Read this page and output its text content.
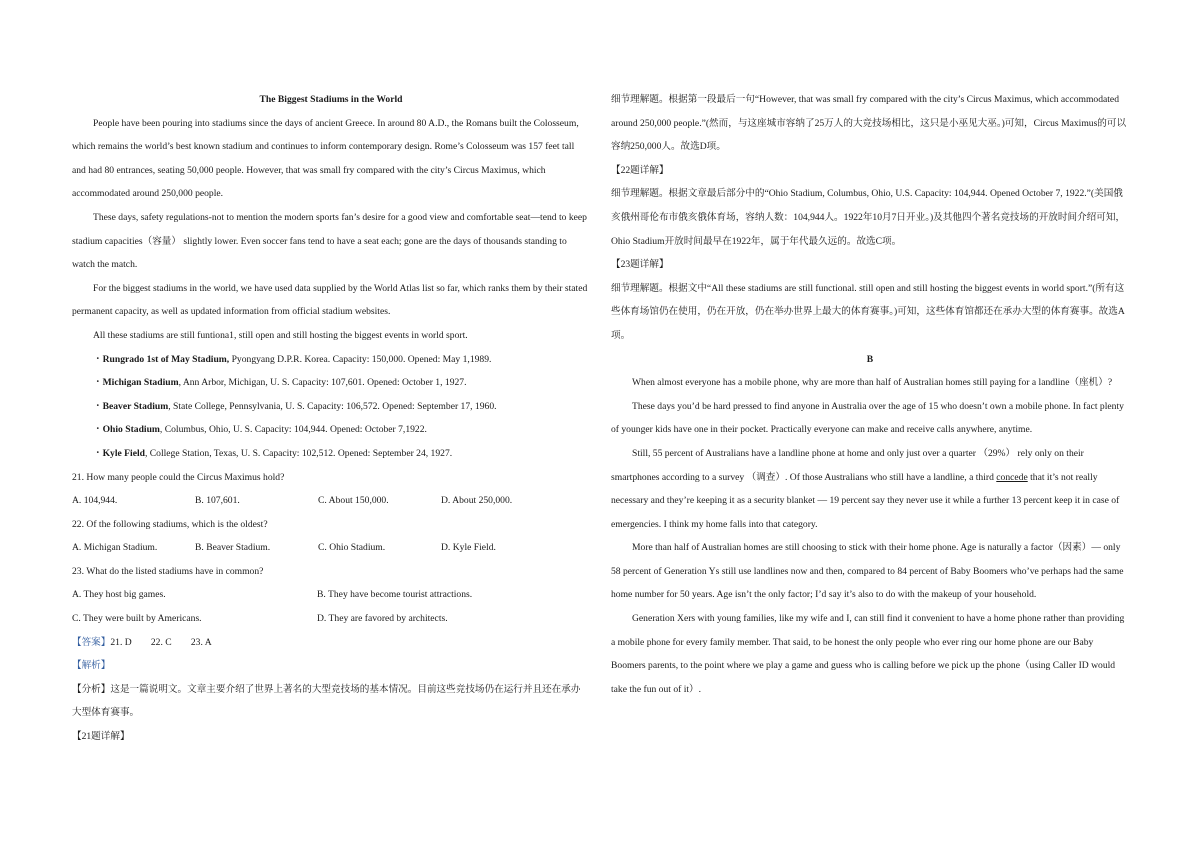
The Biggest Stadiums in the World

People have been pouring into stadiums since the days of ancient Greece. In around 80 A.D., the Romans built the Colosseum, which remains the world’s best known stadium and continues to inform contemporary design. Rome’s Colosseum was 157 feet tall and had 80 entrances, seating 50,000 people. However, that was small fry compared with the city’s Circus Maximus, which accommodated around 250,000 people.

These days, safety regulations-not to mention the modern sports fan’s desire for a good view and comfortable seat—tend to keep stadium capacities（容量） slightly lower. Even soccer fans tend to have a seat each; gone are the days of thousands standing to watch the match.

For the biggest stadiums in the world, we have used data supplied by the World Atlas list so far, which ranks them by their stated permanent capacity, as well as updated information from official stadium websites.

All these stadiums are still funtiona1, still open and still hosting the biggest events in world sport.

・Rungrado 1st of May Stadium, Pyongyang D.P.R. Korea. Capacity: 150,000. Opened: May 1,1989.

・Michigan Stadium, Ann Arbor, Michigan, U. S. Capacity: 107,601. Opened: October 1, 1927.

・Beaver Stadium, State College, Pennsylvania, U. S. Capacity: 106,572. Opened: September 17, 1960.

・Ohio Stadium, Columbus, Ohio, U. S. Capacity: 104,944. Opened: October 7,1922.

・Kyle Field, College Station, Texas, U. S. Capacity: 102,512. Opened: September 24, 1927.

21. How many people could the Circus Maximus hold?

A. 104,944.	B. 107,601.	C. About 150,000.	D. About 250,000.

22. Of the following stadiums, which is the oldest?

A. Michigan Stadium.	B. Beaver Stadium.	C. Ohio Stadium.	D. Kyle Field.

23. What do the listed stadiums have in common?

A. They host big games.	B. They have become tourist attractions.

C. They were built by Americans.	D. They are favored by architects.

【答案】21. D　　22. C　　23. A

【解析】

【分析】这是一篇说明文。文章主要介绍了世界上著名的大型竞技场的基本情况。目前这些竞技场仍在运行并且还在承办大型体育赛事。

【21题详解】

细节理解题。根据第一段最后一句“However, that was small fry compared with the city’s Circus Maximus, which accommodated around 250,000 people.”(然而，与这座城市容纳了25万人的大竞技场相比，这只是小巫见大巫。)可知，Circus Maximus的可以容纳250,000人。故选D项。

【22题详解】

细节理解题。根据文章最后部分中的“Ohio Stadium, Columbus, Ohio, U.S. Capacity: 104,944. Opened October 7, 1922.”(美国俄亥俄州哥伦布市俄亥俄体育场，容纳人数：104,944人。1922年10月7日开业。)及其他四个著名竞技场的开放时间介绍可知，Ohio Stadium开放时间最早在1922年，属于年代最久远的。故选C项。

【23题详解】

细节理解题。根据文中“All these stadiums are still functional. still open and still hosting the biggest events in world sport.”(所有这些体育场馆仍在使用，仍在开放，仍在举办世界上最大的体育赛事。)可知，这些体育馆都还在承办大型的体育赛事。故选A项。

B

When almost everyone has a mobile phone, why are more than half of Australian homes still paying for a landline（座机）?

These days you’d be hard pressed to find anyone in Australia over the age of 15 who doesn’t own a mobile phone. In fact plenty of younger kids have one in their pocket. Practically everyone can make and receive calls anywhere, anytime.

Still, 55 percent of Australians have a landline phone at home and only just over a quarter （29%） rely only on their smartphones according to a survey （调查）. Of those Australians who still have a landline, a third concede that it’s not really necessary and they’re keeping it as a security blanket — 19 percent say they never use it while a further 13 percent keep it in case of emergencies. I think my home falls into that category.

More than half of Australian homes are still choosing to stick with their home phone. Age is naturally a factor（因素）— only 58 percent of Generation Ys still use landlines now and then, compared to 84 percent of Baby Boomers who’ve perhaps had the same home number for 50 years. Age isn’t the only factor; I’d say it’s also to do with the makeup of your household.

Generation Xers with young families, like my wife and I, can still find it convenient to have a home phone rather than providing a mobile phone for every family member. That said, to be honest the only people who ever ring our home phone are our Baby Boomers parents, to the point where we play a game and guess who is calling before we pick up the phone（using Caller ID would take the fun out of it）.
